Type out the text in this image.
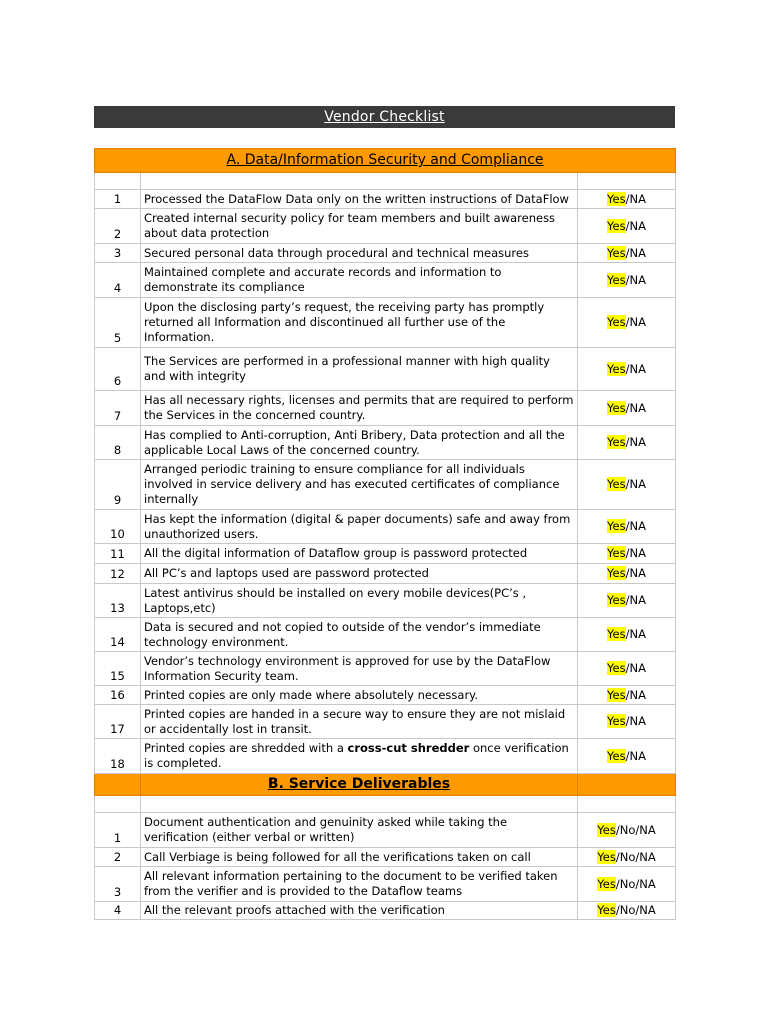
Vendor Checklist
A. Data/Information Security and Compliance		

1	Processed the DataFlow Data only on the written instructions of DataFlow	Yes/NA
2	Created internal security policy for team members and built awareness about data protection	Yes/NA
3	Secured personal data through procedural and technical measures	Yes/NA
4	Maintained complete and accurate records and information to demonstrate its compliance	Yes/NA
5	Upon the disclosing party’s request, the receiving party has promptly returned all Information and discontinued all further use of the Information.	Yes/NA
6	The Services are performed in a professional manner with high quality and with integrity	Yes/NA
7	Has all necessary rights, licenses and permits that are required to perform the Services in the concerned country.	Yes/NA
8	Has complied to Anti-corruption, Anti Bribery, Data protection and all the applicable Local Laws of the concerned country.	Yes/NA
9	Arranged periodic training to ensure compliance for all individuals involved in service delivery and has executed certificates of compliance internally	Yes/NA
10	Has kept the information (digital & paper documents) safe and away from unauthorized users.	Yes/NA
11	All the digital information of Dataflow group is password protected	Yes/NA
12	All PC’s and laptops used are password protected	Yes/NA
13	Latest antivirus should be installed on every mobile devices(PC’s , Laptops,etc)	Yes/NA
14	Data is secured and not copied to outside of the vendor’s immediate technology environment.	Yes/NA
15	Vendor’s technology environment is approved for use by the DataFlow Information Security team.	Yes/NA
16	Printed copies are only made where absolutely necessary.	Yes/NA
17	Printed copies are handed in a secure way to ensure they are not mislaid or accidentally lost in transit.	Yes/NA
18	Printed copies are shredded with a cross-cut shredder once verification is completed.	Yes/NA
	B. Service Deliverables	

1	Document authentication and genuinity asked while taking the verification (either verbal or written)	Yes/No/NA
2	Call Verbiage is being followed for all the verifications taken on call	Yes/No/NA
3	All relevant information pertaining to the document to be verified taken from the verifier and is provided to the Dataflow teams	Yes/No/NA
4	All the relevant proofs attached with the verification	Yes/No/NA
